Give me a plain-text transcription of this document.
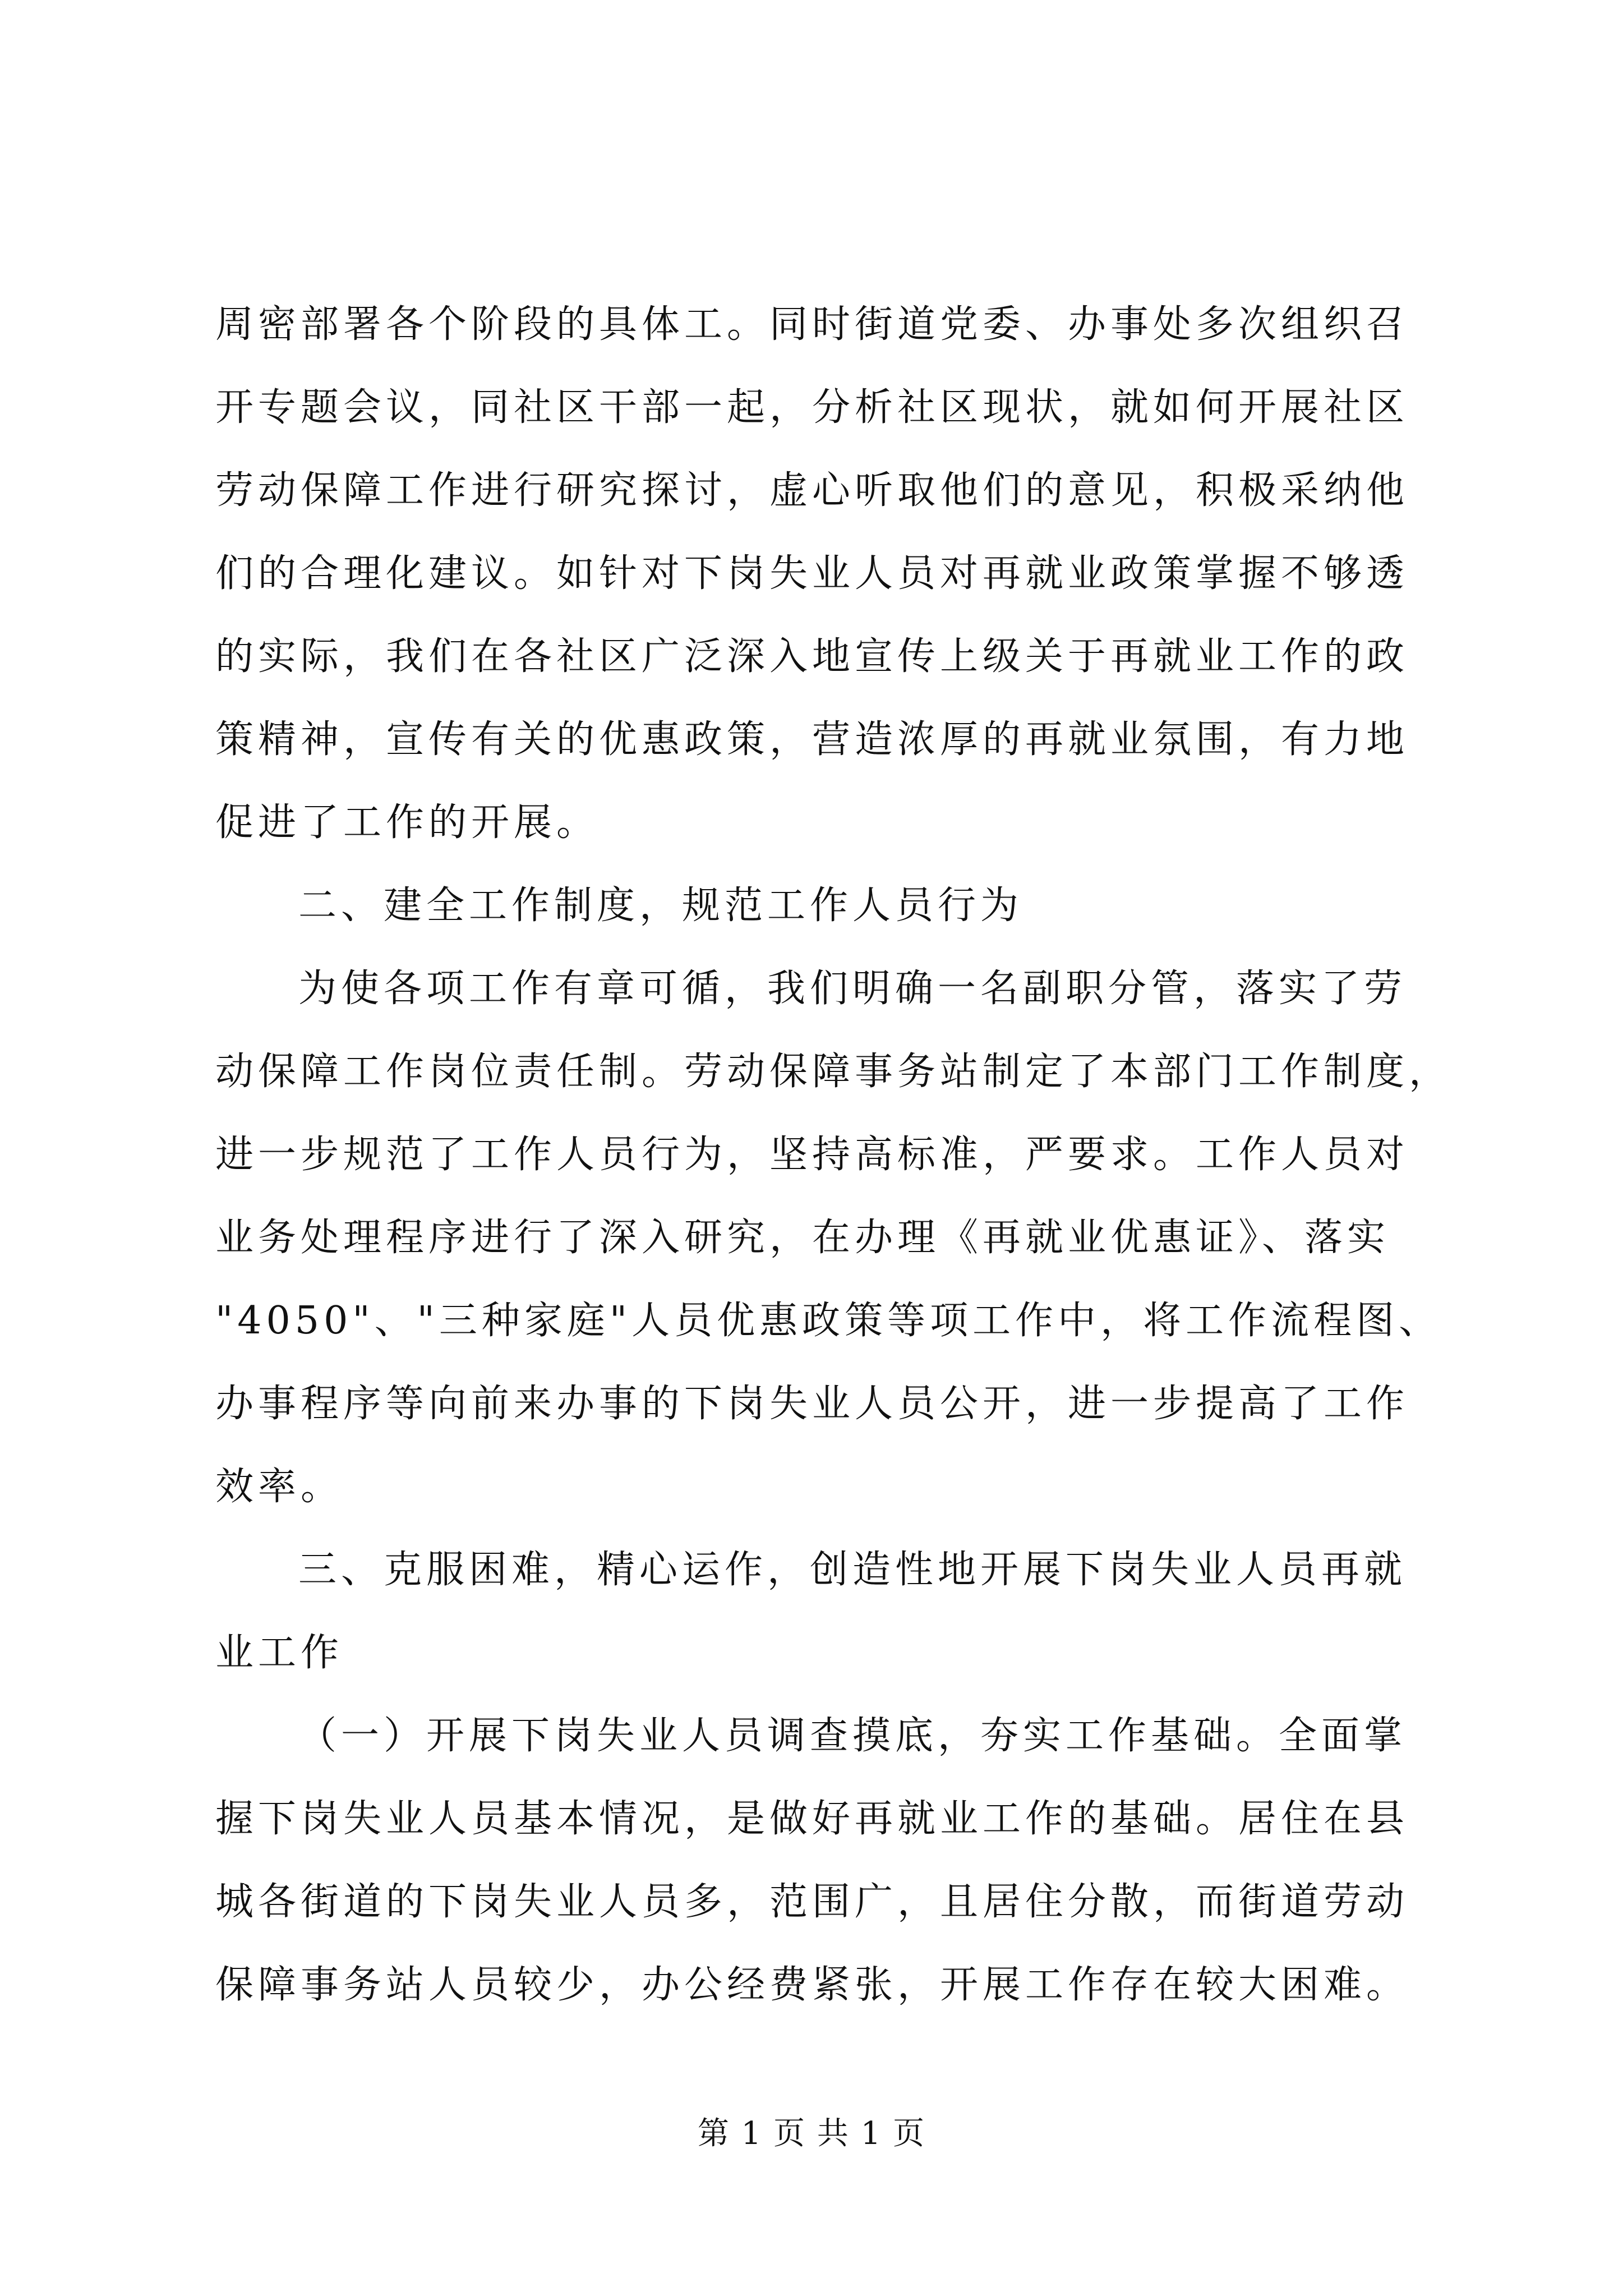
周密部署各个阶段的具体工。同时街道党委、办事处多次组织召
开专题会议，同社区干部一起，分析社区现状，就如何开展社区
劳动保障工作进行研究探讨，虚心听取他们的意见，积极采纳他
们的合理化建议。如针对下岗失业人员对再就业政策掌握不够透
的实际，我们在各社区广泛深入地宣传上级关于再就业工作的政
策精神，宣传有关的优惠政策，营造浓厚的再就业氛围，有力地
促进了工作的开展。
二、建全工作制度，规范工作人员行为
为使各项工作有章可循，我们明确一名副职分管，落实了劳
动保障工作岗位责任制。劳动保障事务站制定了本部门工作制度，
进一步规范了工作人员行为，坚持高标准，严要求。工作人员对
业务处理程序进行了深入研究，在办理《再就业优惠证》、落实
"4050"、"三种家庭"人员优惠政策等项工作中，将工作流程图、
办事程序等向前来办事的下岗失业人员公开，进一步提高了工作
效率。
三、克服困难，精心运作，创造性地开展下岗失业人员再就
业工作
（一）开展下岗失业人员调查摸底，夯实工作基础。全面掌
握下岗失业人员基本情况，是做好再就业工作的基础。居住在县
城各街道的下岗失业人员多，范围广，且居住分散，而街道劳动
保障事务站人员较少，办公经费紧张，开展工作存在较大困难。
第 1 页 共 1 页
